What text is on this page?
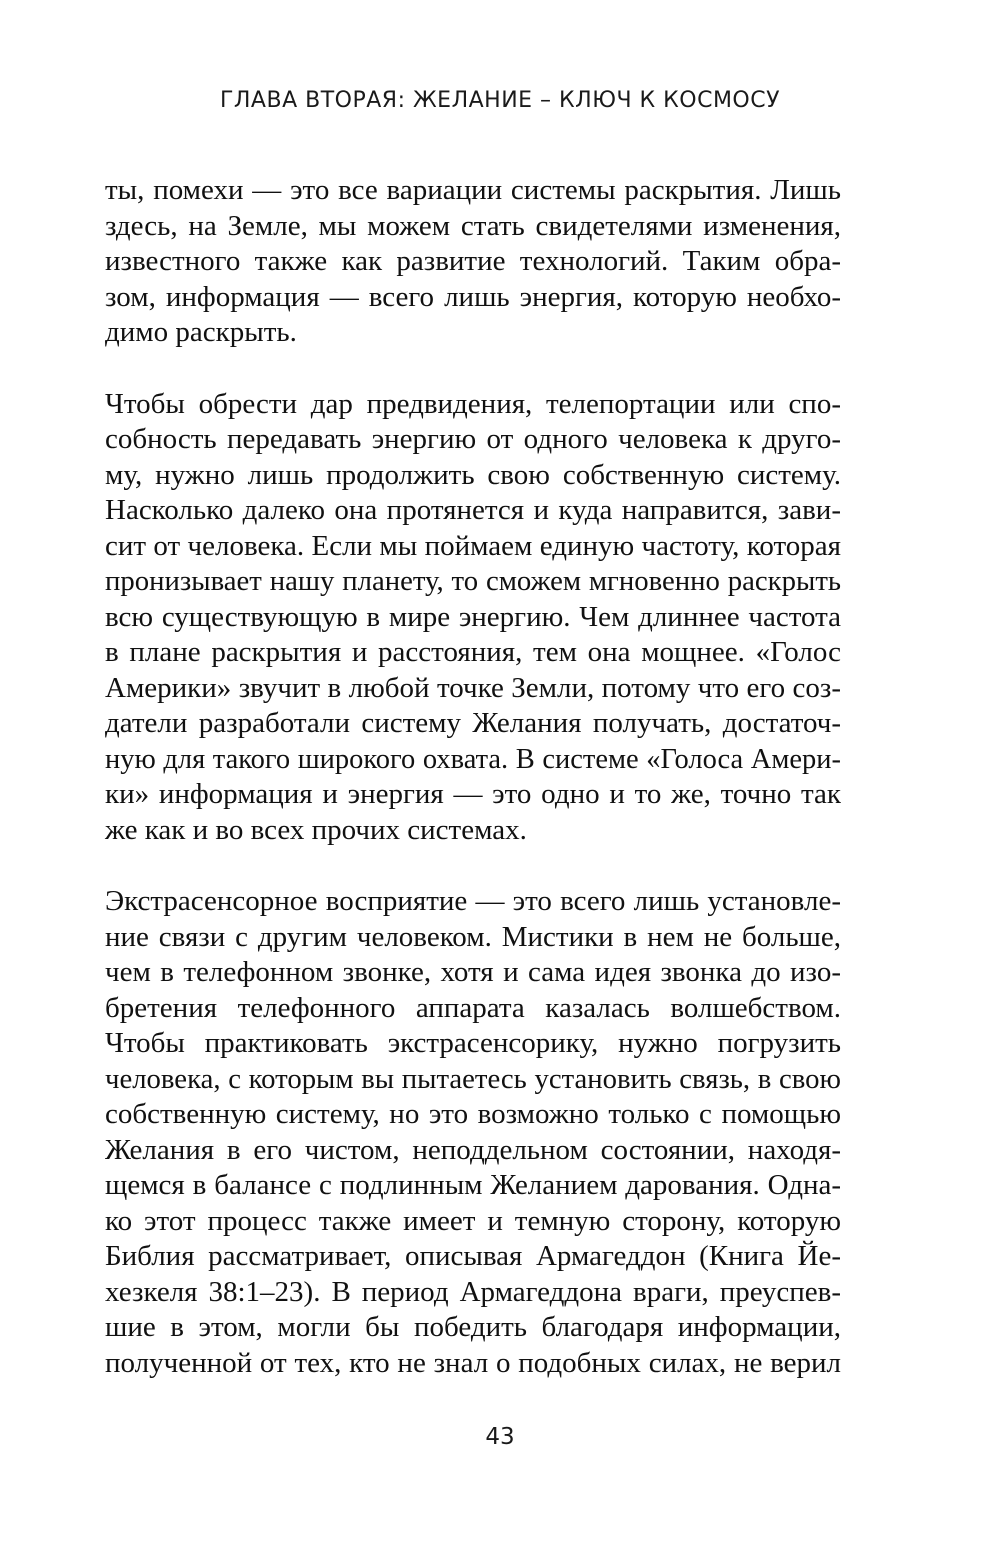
ГЛАВА ВТОРАЯ: ЖЕЛАНИЕ – КЛЮЧ К КОСМОСУ
ты, помехи — это все вариации системы раскрытия. Лишь
здесь, на Земле, мы можем стать свидетелями изменения,
известного также как развитие технологий. Таким обра-
зом, информация — всего лишь энергия, которую необхо-
димо раскрыть.
Чтобы обрести дар предвидения, телепортации или спо-
собность передавать энергию от одного человека к друго-
му, нужно лишь продолжить свою собственную систему.
Насколько далеко она протянется и куда направится, зави-
сит от человека. Если мы поймаем единую частоту, которая
пронизывает нашу планету, то сможем мгновенно раскрыть
всю существующую в мире энергию. Чем длиннее частота
в плане раскрытия и расстояния, тем она мощнее. «Голос
Америки» звучит в любой точке Земли, потому что его соз-
датели разработали систему Желания получать, достаточ-
ную для такого широкого охвата. В системе «Голоса Амери-
ки» информация и энергия — это одно и то же, точно так
же как и во всех прочих системах.
Экстрасенсорное восприятие — это всего лишь установле-
ние связи с другим человеком. Мистики в нем не больше,
чем в телефонном звонке, хотя и сама идея звонка до изо-
бретения телефонного аппарата казалась волшебством.
Чтобы практиковать экстрасенсорику, нужно погрузить
человека, с которым вы пытаетесь установить связь, в свою
собственную систему, но это возможно только с помощью
Желания в его чистом, неподдельном состоянии, находя-
щемся в балансе с подлинным Желанием дарования. Одна-
ко этот процесс также имеет и темную сторону, которую
Библия рассматривает, описывая Армагеддон (Книга Йе-
хезкеля 38:1–23). В период Армагеддона враги, преуспев-
шие в этом, могли бы победить благодаря информации,
полученной от тех, кто не знал о подобных силах, не верил
43
